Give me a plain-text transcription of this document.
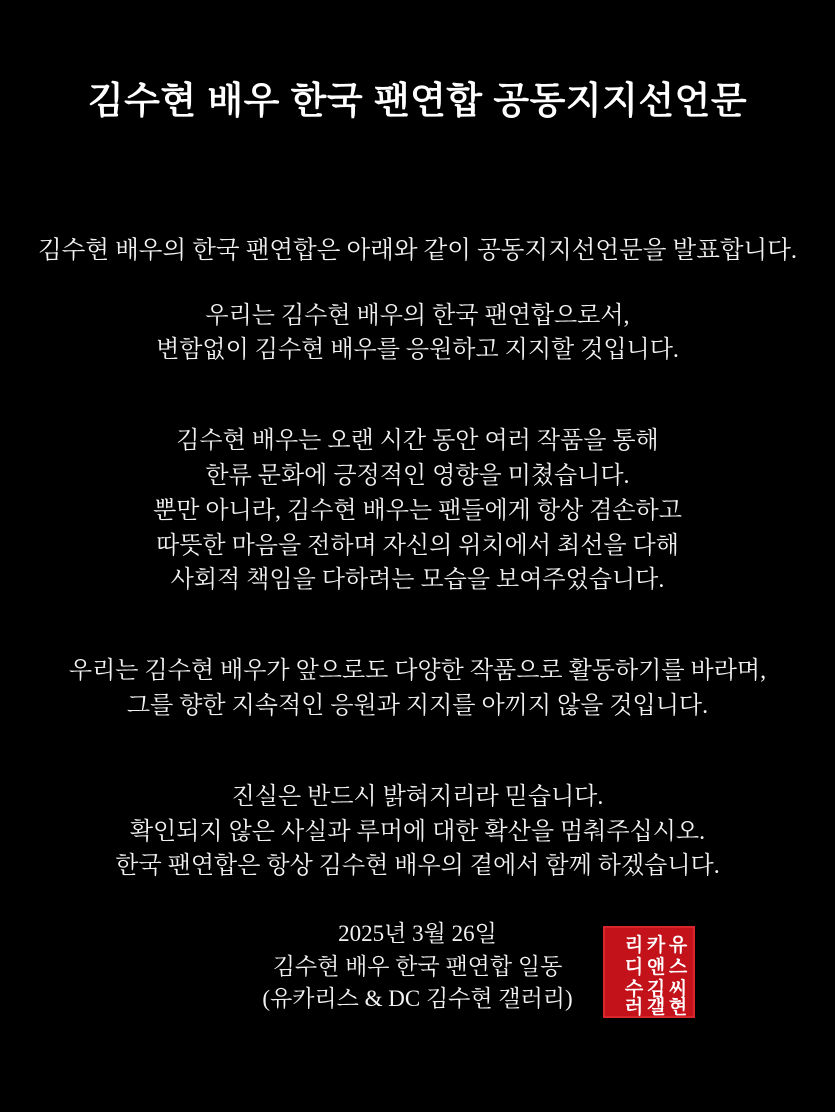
김수현 배우 한국 팬연합 공동지지선언문
김수현 배우의 한국 팬연합은 아래와 같이 공동지지선언문을 발표합니다.

우리는 김수현 배우의 한국 팬연합으로서,

변함없이 김수현 배우를 응원하고 지지할 것입니다.

김수현 배우는 오랜 시간 동안 여러 작품을 통해

한류 문화에 긍정적인 영향을 미쳤습니다.

뿐만 아니라, 김수현 배우는 팬들에게 항상 겸손하고

따뜻한 마음을 전하며 자신의 위치에서 최선을 다해

사회적 책임을 다하려는 모습을 보여주었습니다.

우리는 김수현 배우가 앞으로도 다양한 작품으로 활동하기를 바라며,

그를 향한 지속적인 응원과 지지를 아끼지 않을 것입니다.

진실은 반드시 밝혀지리라 믿습니다.

확인되지 않은 사실과 루머에 대한 확산을 멈춰주십시오.

한국 팬연합은 항상 김수현 배우의 곁에서 함께 하겠습니다.

2025년 3월 26일

김수현 배우 한국 팬연합 일동

(유카리스 & DC 김수현 갤러리)

유
카
리
스
앤
디
씨
김
수
현
갤
러
